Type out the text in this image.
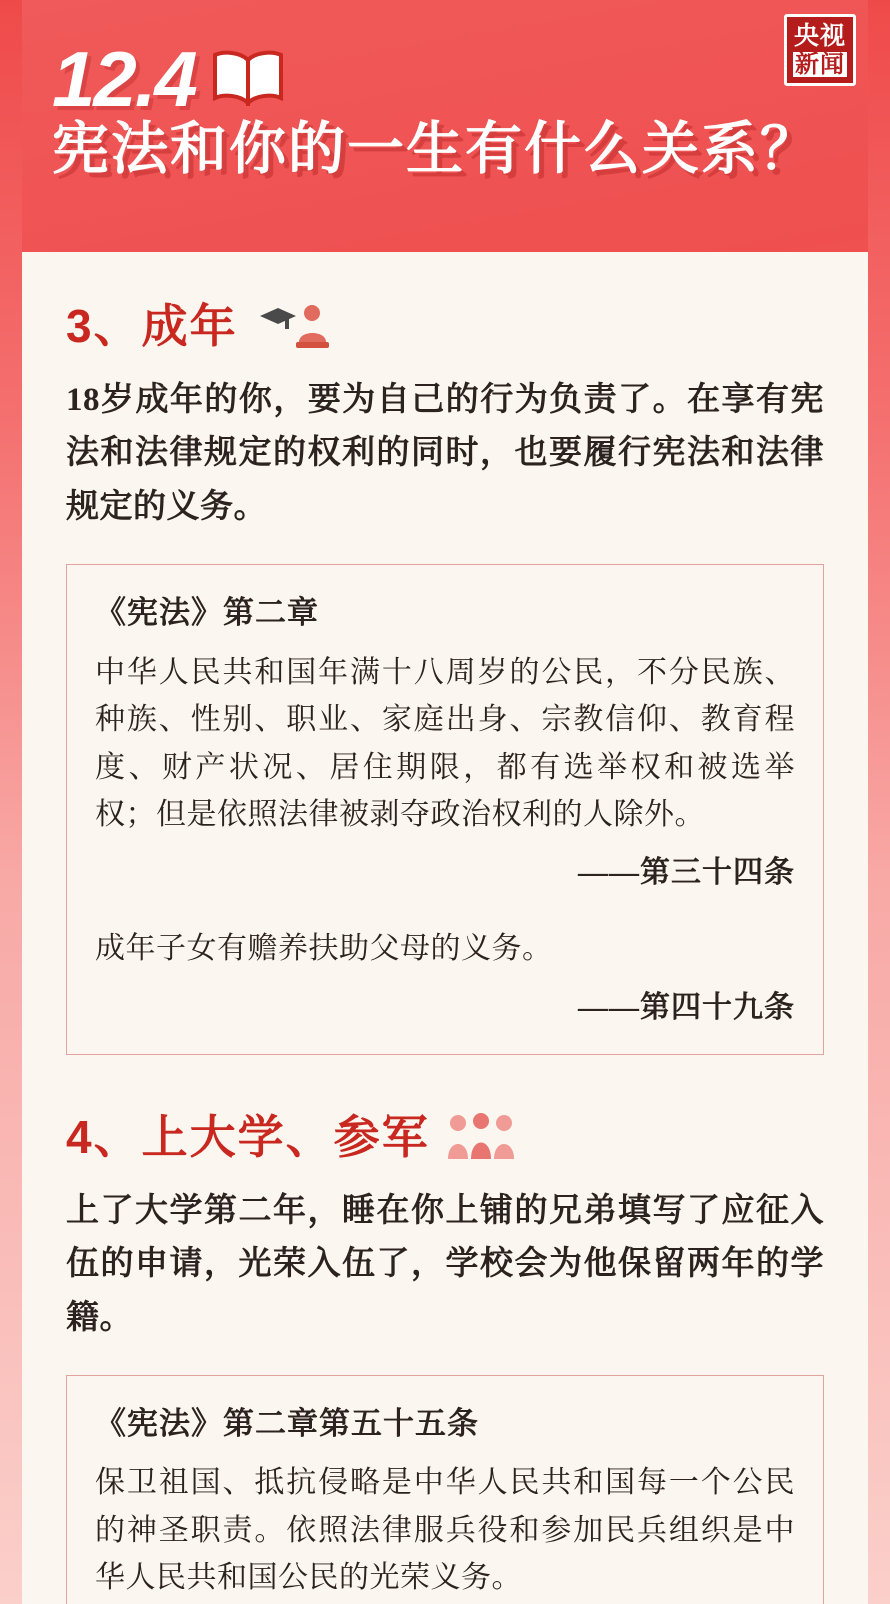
央视
新闻
12.4
宪法和你的一生有什么关系？
3、成年
18岁成年的你，要为自己的行为负责了。在享有宪法和法律规定的权利的同时，也要履行宪法和法律规定的义务。
《宪法》第二章
中华人民共和国年满十八周岁的公民，不分民族、种族、性别、职业、家庭出身、宗教信仰、教育程度、财产状况、居住期限，都有选举权和被选举权；但是依照法律被剥夺政治权利的人除外。
——第三十四条
成年子女有赡养扶助父母的义务。
——第四十九条
4、上大学、参军
上了大学第二年，睡在你上铺的兄弟填写了应征入伍的申请，光荣入伍了，学校会为他保留两年的学籍。
《宪法》第二章第五十五条
保卫祖国、抵抗侵略是中华人民共和国每一个公民的神圣职责。依照法律服兵役和参加民兵组织是中华人民共和国公民的光荣义务。
